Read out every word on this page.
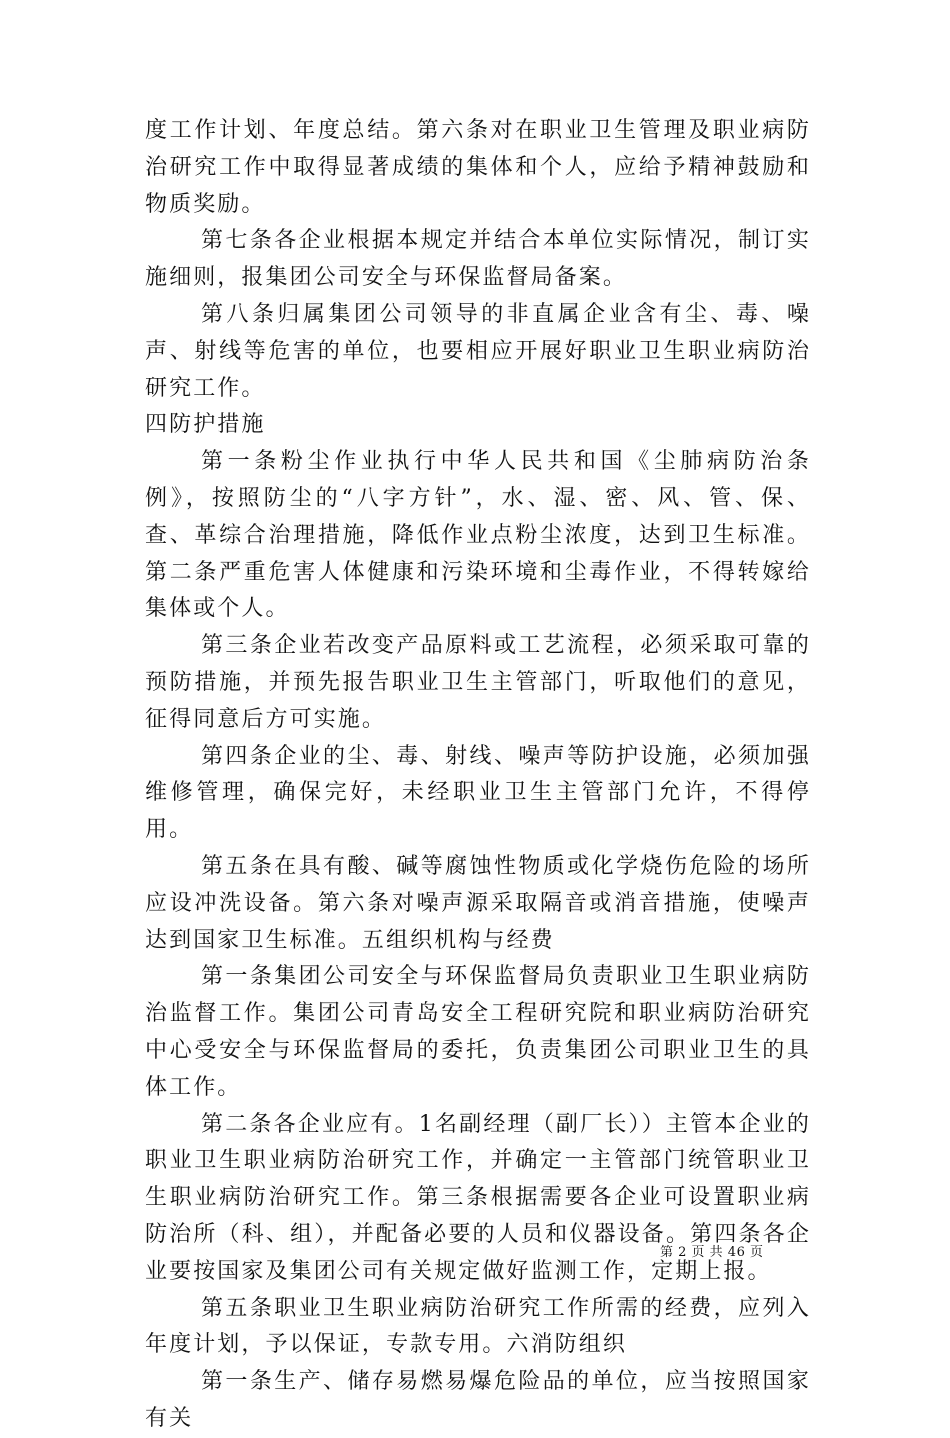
度工作计划、年度总结。第六条对在职业卫生管理及职业病防治研究工作中取得显著成绩的集体和个人，应给予精神鼓励和物质奖励。

第七条各企业根据本规定并结合本单位实际情况，制订实施细则，报集团公司安全与环保监督局备案。

第八条归属集团公司领导的非直属企业含有尘、毒、噪声、射线等危害的单位，也要相应开展好职业卫生职业病防治研究工作。

四防护措施

第一条粉尘作业执行中华人民共和国《尘肺病防治条例》，按照防尘的“八字方针”，水、湿、密、风、管、保、查、革综合治理措施，降低作业点粉尘浓度，达到卫生标准。第二条严重危害人体健康和污染环境和尘毒作业，不得转嫁给集体或个人。

第三条企业若改变产品原料或工艺流程，必须采取可靠的预防措施，并预先报告职业卫生主管部门，听取他们的意见，征得同意后方可实施。

第四条企业的尘、毒、射线、噪声等防护设施，必须加强维修管理，确保完好，未经职业卫生主管部门允许，不得停用。

第五条在具有酸、碱等腐蚀性物质或化学烧伤危险的场所应设冲洗设备。第六条对噪声源采取隔音或消音措施，使噪声达到国家卫生标准。五组织机构与经费

第一条集团公司安全与环保监督局负责职业卫生职业病防治监督工作。集团公司青岛安全工程研究院和职业病防治研究中心受安全与环保监督局的委托，负责集团公司职业卫生的具体工作。

第二条各企业应有。1名副经理（副厂长））主管本企业的职业卫生职业病防治研究工作，并确定一主管部门统管职业卫生职业病防治研究工作。第三条根据需要各企业可设置职业病防治所（科、组），并配备必要的人员和仪器设备。第四条各企业要按国家及集团公司有关规定做好监测工作，定期上报。

第五条职业卫生职业病防治研究工作所需的经费，应列入年度计划，予以保证，专款专用。六消防组织

第一条生产、储存易燃易爆危险品的单位，应当按照国家有关

第 2 页 共 46 页
